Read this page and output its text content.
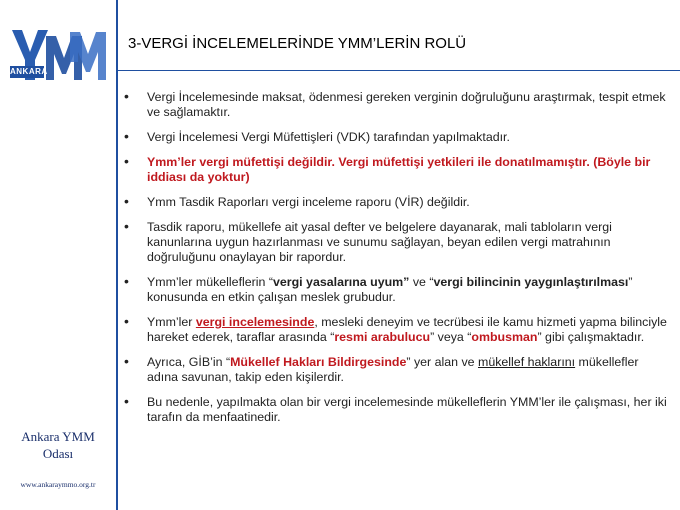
ANKARA
Ankara YMM
Odası
www.ankaraymmo.org.tr
3-VERGİ İNCELEMELERİNDE YMM’LERİN ROLÜ
• Vergi İncelemesinde maksat, ödenmesi gereken verginin doğruluğunu araştırmak, tespit etmek ve sağlamaktır.
• Vergi İncelemesi Vergi Müfettişleri (VDK) tarafından yapılmaktadır.
• Ymm’ler vergi müfettişi değildir. Vergi müfettişi yetkileri ile donatılmamıştır. (Böyle bir iddiası da yoktur)
• Ymm Tasdik Raporları vergi inceleme raporu (VİR) değildir.
• Tasdik raporu, mükellefe ait yasal defter ve belgelere dayanarak, mali tabloların vergi kanunlarına uygun hazırlanması ve sunumu sağlayan, beyan edilen vergi matrahının doğruluğunu onaylayan bir rapordur.
• Ymm’ler mükelleflerin “vergi yasalarına uyum” ve “vergi bilincinin yaygınlaştırılması” konusunda en etkin çalışan meslek grubudur.
• Ymm’ler vergi incelemesinde, mesleki deneyim ve tecrübesi ile kamu hizmeti yapma bilinciyle hareket ederek, taraflar arasında “resmi arabulucu” veya “ombusman” gibi çalışmaktadır.
• Ayrıca, GİB’in “Mükellef Hakları Bildirgesinde” yer alan ve mükellef haklarını mükellefler adına savunan, takip eden kişilerdir.
• Bu nedenle, yapılmakta olan bir vergi incelemesinde mükelleflerin YMM’ler ile çalışması, her iki tarafın da menfaatinedir.
